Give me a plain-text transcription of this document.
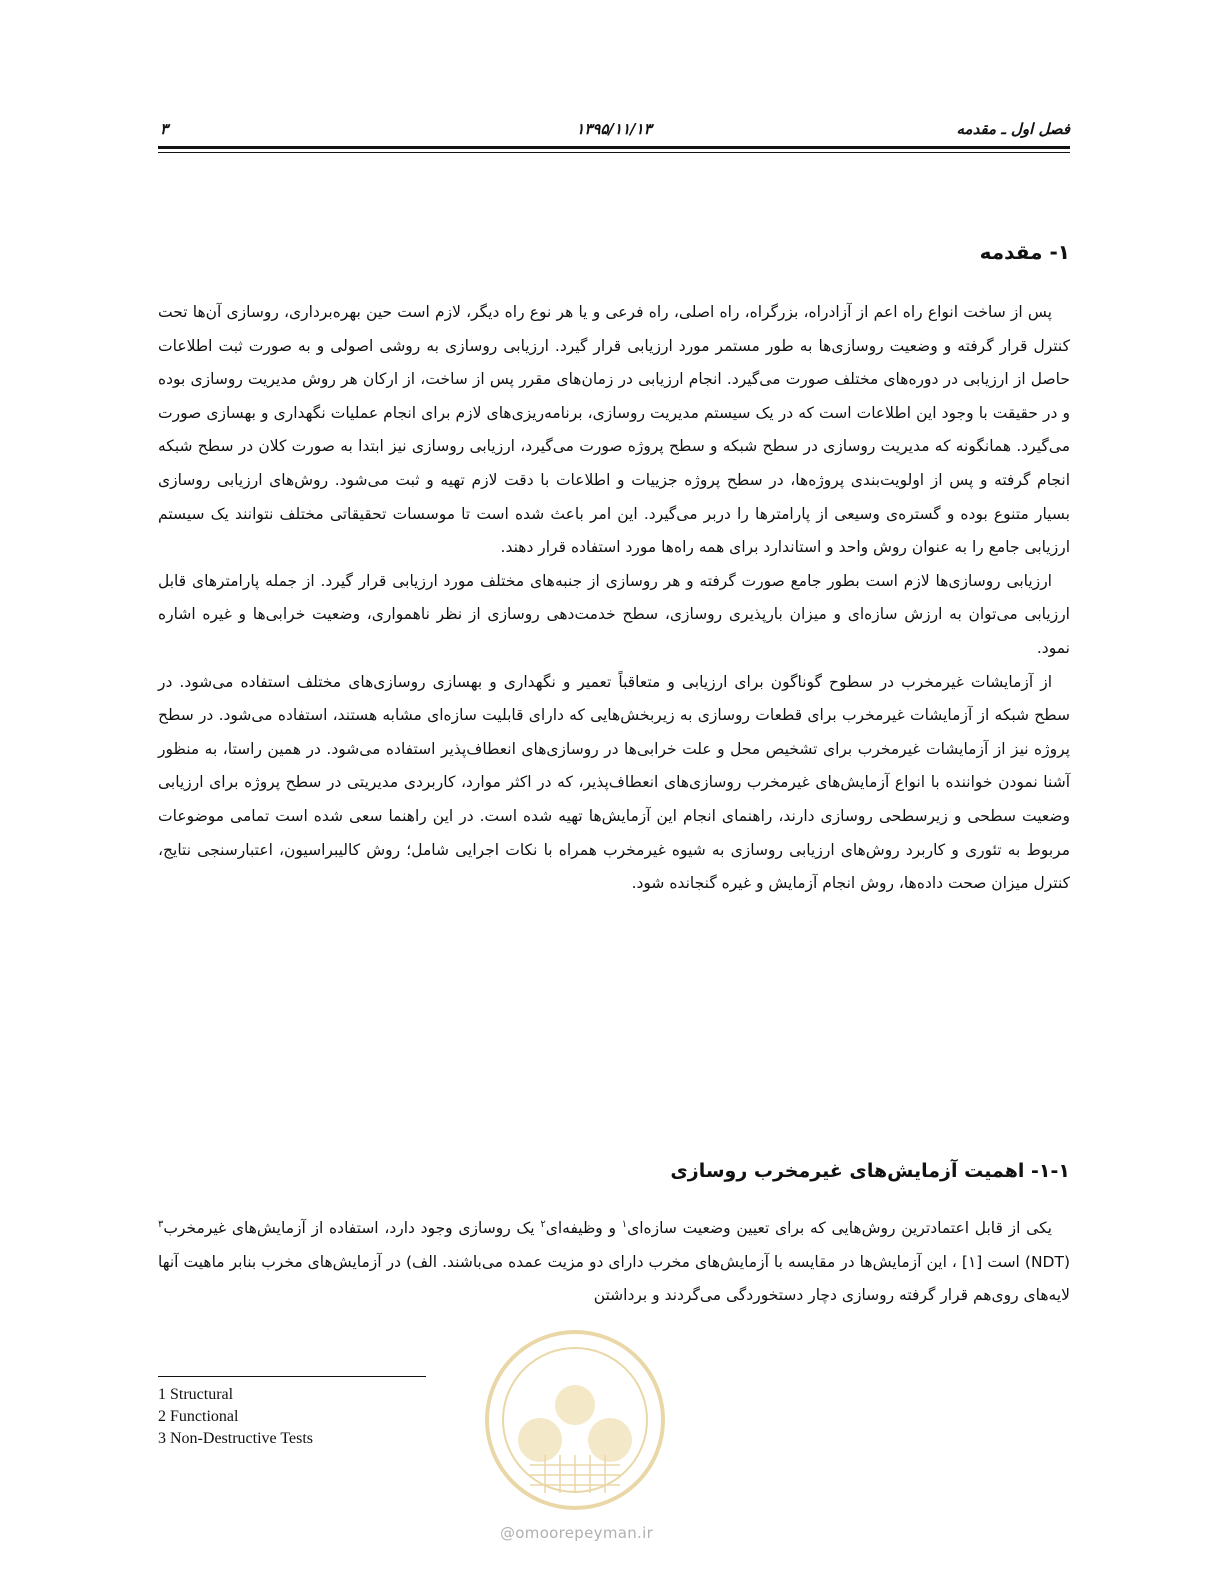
فصل اول ـ مقدمه
۱۳۹۵/۱۱/۱۳
۳
۱- مقدمه

پس از ساخت انواع راه اعم از آزادراه، بزرگراه، راه اصلی، راه فرعی و یا هر نوع راه دیگر، لازم است حین بهره‌برداری، روسازی آن‌ها تحت کنترل قرار گرفته و وضعیت روسازی‌ها به طور مستمر مورد ارزیابی قرار گیرد. ارزیابی روسازی به روشی اصولی و به صورت ثبت اطلاعات حاصل از ارزیابی در دوره‌های مختلف صورت می‌گیرد. انجام ارزیابی در زمان‌های مقرر پس از ساخت، از ارکان هر روش مدیریت روسازی بوده و در حقیقت با وجود این اطلاعات است که در یک سیستم مدیریت روسازی، برنامه‌ریزی‌های لازم برای انجام عملیات نگهداری و بهسازی صورت می‌گیرد. همانگونه که مدیریت روسازی در سطح شبکه و سطح پروژه صورت می‌گیرد، ارزیابی روسازی نیز ابتدا به صورت کلان در سطح شبکه انجام گرفته و پس از اولویت‌بندی پروژه‌ها، در سطح پروژه جزییات و اطلاعات با دقت لازم تهیه و ثبت می‌شود. روش‌های ارزیابی روسازی بسیار متنوع بوده و گستره‌ی وسیعی از پارامترها را دربر می‌گیرد. این امر باعث شده است تا موسسات تحقیقاتی مختلف نتوانند یک سیستم ارزیابی جامع را به عنوان روش واحد و استاندارد برای همه راه‌ها مورد استفاده قرار دهند.

ارزیابی روسازی‌ها لازم است بطور جامع صورت گرفته و هر روسازی از جنبه‌های مختلف مورد ارزیابی قرار گیرد. از جمله پارامترهای قابل ارزیابی می‌توان به ارزش سازه‌ای و میزان بارپذیری روسازی، سطح خدمت‌دهی روسازی از نظر ناهمواری، وضعیت خرابی‌ها و غیره اشاره نمود.

از آزمایشات غیرمخرب در سطوح گوناگون برای ارزیابی و متعاقباً تعمیر و نگهداری و بهسازی روسازی‌های مختلف استفاده می‌شود. در سطح شبکه از آزمایشات غیرمخرب برای قطعات روسازی به زیربخش‌هایی که دارای قابلیت سازه‌ای مشابه هستند، استفاده می‌شود. در سطح پروژه نیز از آزمایشات غیرمخرب برای تشخیص محل و علت خرابی‌ها در روسازی‌های انعطاف‌پذیر استفاده می‌شود. در همین راستا، به منظور آشنا نمودن خواننده با انواع آزمایش‌های غیرمخرب روسازی‌های انعطاف‌پذیر، که در اکثر موارد، کاربردی مدیریتی در سطح پروژه برای ارزیابی وضعیت سطحی و زیرسطحی روسازی دارند، راهنمای انجام این آزمایش‌ها تهیه شده است. در این راهنما سعی شده است تمامی موضوعات مربوط به تئوری و کاربرد روش‌های ارزیابی روسازی به شیوه غیرمخرب همراه با نکات اجرایی شامل؛ روش کالیبراسیون، اعتبارسنجی نتایج، کنترل میزان صحت داده‌ها، روش انجام آزمایش و غیره گنجانده شود.

۱-۱- اهمیت آزمایش‌های غیرمخرب روسازی

یکی از قابل اعتمادترین روش‌هایی که برای تعیین وضعیت سازه‌ای$^۱$ و وظیفه‌ای$^۲$ یک روسازی وجود دارد، استفاده از آزمایش‌های غیرمخرب$^۳$ (NDT) است [۱] ، این آزمایش‌ها در مقایسه با آزمایش‌های مخرب دارای دو مزیت عمده می‌باشند. الف) در آزمایش‌های مخرب بنابر ماهیت آنها لایه‌های روی‌هم قرار گرفته روسازی دچار دستخوردگی می‌گردند و برداشتن

1 Structural
2 Functional
3 Non-Destructive Tests
@omoorepeyman.ir
